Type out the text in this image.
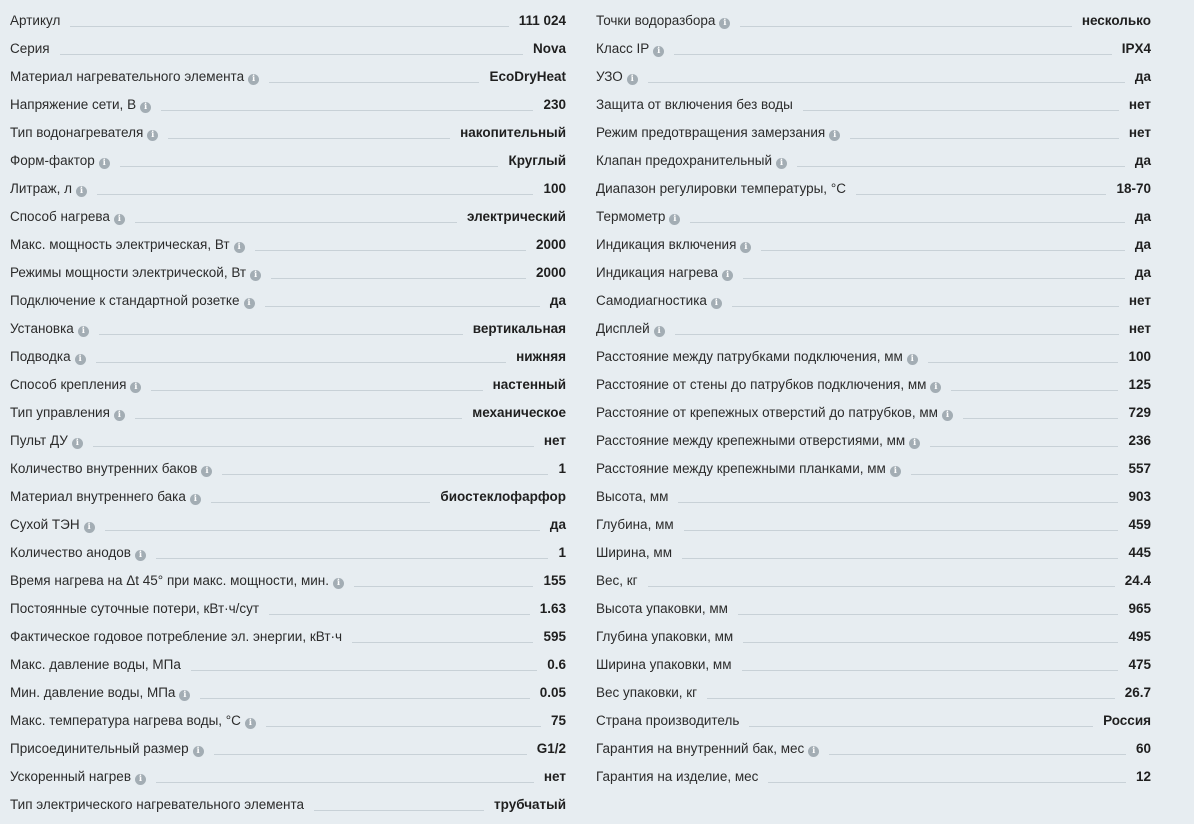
Артикул	111 024
Серия	Nova
Материал нагревательного элемента i	EcoDryHeat
Напряжение сети, В i	230
Тип водонагревателя i	накопительный
Форм-фактор i	Круглый
Литраж, л i	100
Способ нагрева i	электрический
Макс. мощность электрическая, Вт i	2000
Режимы мощности электрической, Вт i	2000
Подключение к стандартной розетке i	да
Установка i	вертикальная
Подводка i	нижняя
Способ крепления i	настенный
Тип управления i	механическое
Пульт ДУ i	нет
Количество внутренних баков i	1
Материал внутреннего бака i	биостеклофарфор
Сухой ТЭН i	да
Количество анодов i	1
Время нагрева на Δt 45° при макс. мощности, мин. i	155
Постоянные суточные потери, кВт·ч/сут	1.63
Фактическое годовое потребление эл. энергии, кВт·ч	595
Макс. давление воды, МПа	0.6
Мин. давление воды, МПа i	0.05
Макс. температура нагрева воды, °С i	75
Присоединительный размер i	G1/2
Ускоренный нагрев i	нет
Тип электрического нагревательного элемента	трубчатый
Точки водоразбора i	несколько
Класс IP i	IPX4
УЗО i	да
Защита от включения без воды	нет
Режим предотвращения замерзания i	нет
Клапан предохранительный i	да
Диапазон регулировки температуры, °С	18-70
Термометр i	да
Индикация включения i	да
Индикация нагрева i	да
Самодиагностика i	нет
Дисплей i	нет
Расстояние между патрубками подключения, мм i	100
Расстояние от стены до патрубков подключения, мм i	125
Расстояние от крепежных отверстий до патрубков, мм i	729
Расстояние между крепежными отверстиями, мм i	236
Расстояние между крепежными планками, мм i	557
Высота, мм	903
Глубина, мм	459
Ширина, мм	445
Вес, кг	24.4
Высота упаковки, мм	965
Глубина упаковки, мм	495
Ширина упаковки, мм	475
Вес упаковки, кг	26.7
Страна производитель	Россия
Гарантия на внутренний бак, мес i	60
Гарантия на изделие, мес	12
